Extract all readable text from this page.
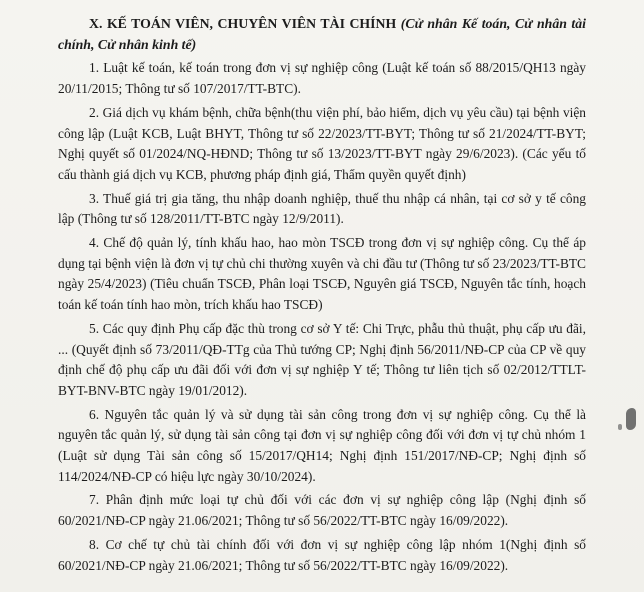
X. KẾ TOÁN VIÊN, CHUYÊN VIÊN TÀI CHÍNH (Cử nhân Kế toán, Cử nhân tài chính, Cử nhân kinh tế)

1. Luật kế toán, kế toán trong đơn vị sự nghiệp công (Luật kế toán số 88/2015/QH13 ngày 20/11/2015; Thông tư số 107/2017/TT-BTC).

2. Giá dịch vụ khám bệnh, chữa bệnh(thu viện phí, bảo hiểm, dịch vụ yêu cầu) tại bệnh viện công lập (Luật KCB, Luật BHYT, Thông tư số 22/2023/TT-BYT; Thông tư số 21/2024/TT-BYT; Nghị quyết số 01/2024/NQ-HĐND; Thông tư số 13/2023/TT-BYT ngày 29/6/2023). (Các yếu tố cấu thành giá dịch vụ KCB, phương pháp định giá, Thẩm quyền quyết định)

3. Thuế giá trị gia tăng, thu nhập doanh nghiệp, thuế thu nhập cá nhân, tại cơ sở y tế công lập (Thông tư số 128/2011/TT-BTC ngày 12/9/2011).

4. Chế độ quản lý, tính khấu hao, hao mòn TSCĐ trong đơn vị sự nghiệp công. Cụ thể áp dụng tại bệnh viện là đơn vị tự chủ chi thường xuyên và chi đầu tư (Thông tư số 23/2023/TT-BTC ngày 25/4/2023) (Tiêu chuẩn TSCĐ, Phân loại TSCĐ, Nguyên giá TSCĐ, Nguyên tắc tính, hoạch toán kế toán tính hao mòn, trích khấu hao TSCĐ)

5. Các quy định Phụ cấp đặc thù trong cơ sở Y tế: Chi Trực, phẫu thủ thuật, phụ cấp ưu đãi, ... (Quyết định số 73/2011/QĐ-TTg của Thủ tướng CP; Nghị định 56/2011/NĐ-CP của CP về quy định chế độ phụ cấp ưu đãi đối với đơn vị sự nghiệp Y tế; Thông tư liên tịch số 02/2012/TTLT-BYT-BNV-BTC ngày 19/01/2012).

6. Nguyên tắc quản lý và sử dụng tài sản công trong đơn vị sự nghiệp công. Cụ thể là nguyên tắc quản lý, sử dụng tài sản công tại đơn vị sự nghiệp công đối với đơn vị tự chủ nhóm 1 (Luật sử dụng Tài sản công số 15/2017/QH14; Nghị định 151/2017/NĐ-CP; Nghị định số 114/2024/NĐ-CP có hiệu lực ngày 30/10/2024).

7. Phân định mức loại tự chủ đối với các đơn vị sự nghiệp công lập (Nghị định số 60/2021/NĐ-CP ngày 21.06/2021; Thông tư số 56/2022/TT-BTC ngày 16/09/2022).

8. Cơ chế tự chủ tài chính đối với đơn vị sự nghiệp công lập nhóm 1(Nghị định số 60/2021/NĐ-CP ngày 21.06/2021; Thông tư số 56/2022/TT-BTC ngày 16/09/2022).
